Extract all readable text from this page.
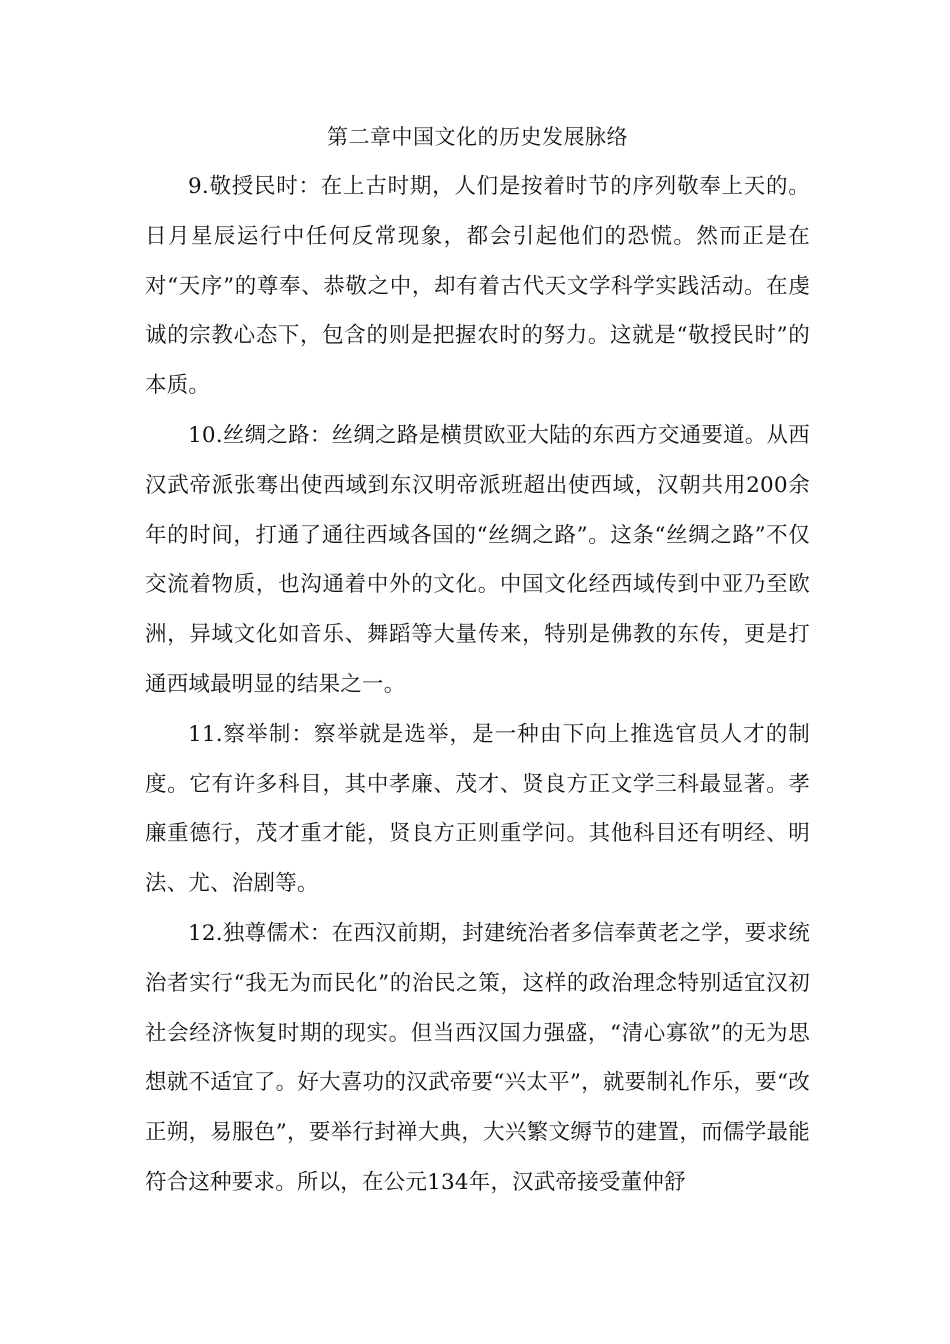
第二章中国文化的历史发展脉络

9.敬授民时：在上古时期，人们是按着时节的序列敬奉上天的。日月星辰运行中任何反常现象，都会引起他们的恐慌。然而正是在对“天序”的尊奉、恭敬之中，却有着古代天文学科学实践活动。在虔诚的宗教心态下，包含的则是把握农时的努力。这就是“敬授民时”的本质。

10.丝绸之路：丝绸之路是横贯欧亚大陆的东西方交通要道。从西汉武帝派张骞出使西域到东汉明帝派班超出使西域，汉朝共用200余年的时间，打通了通往西域各国的“丝绸之路”。这条“丝绸之路”不仅交流着物质，也沟通着中外的文化。中国文化经西域传到中亚乃至欧洲，异域文化如音乐、舞蹈等大量传来，特别是佛教的东传，更是打通西域最明显的结果之一。

11.察举制：察举就是选举，是一种由下向上推选官员人才的制度。它有许多科目，其中孝廉、茂才、贤良方正文学三科最显著。孝廉重德行，茂才重才能，贤良方正则重学问。其他科目还有明经、明法、尤、治剧等。

12.独尊儒术：在西汉前期，封建统治者多信奉黄老之学，要求统治者实行“我无为而民化”的治民之策，这样的政治理念特别适宜汉初社会经济恢复时期的现实。但当西汉国力强盛，“清心寡欲”的无为思想就不适宜了。好大喜功的汉武帝要“兴太平”，就要制礼作乐，要“改正朔，易服色”，要举行封禅大典，大兴繁文缛节的建置，而儒学最能符合这种要求。所以，在公元134年，汉武帝接受董仲舒
